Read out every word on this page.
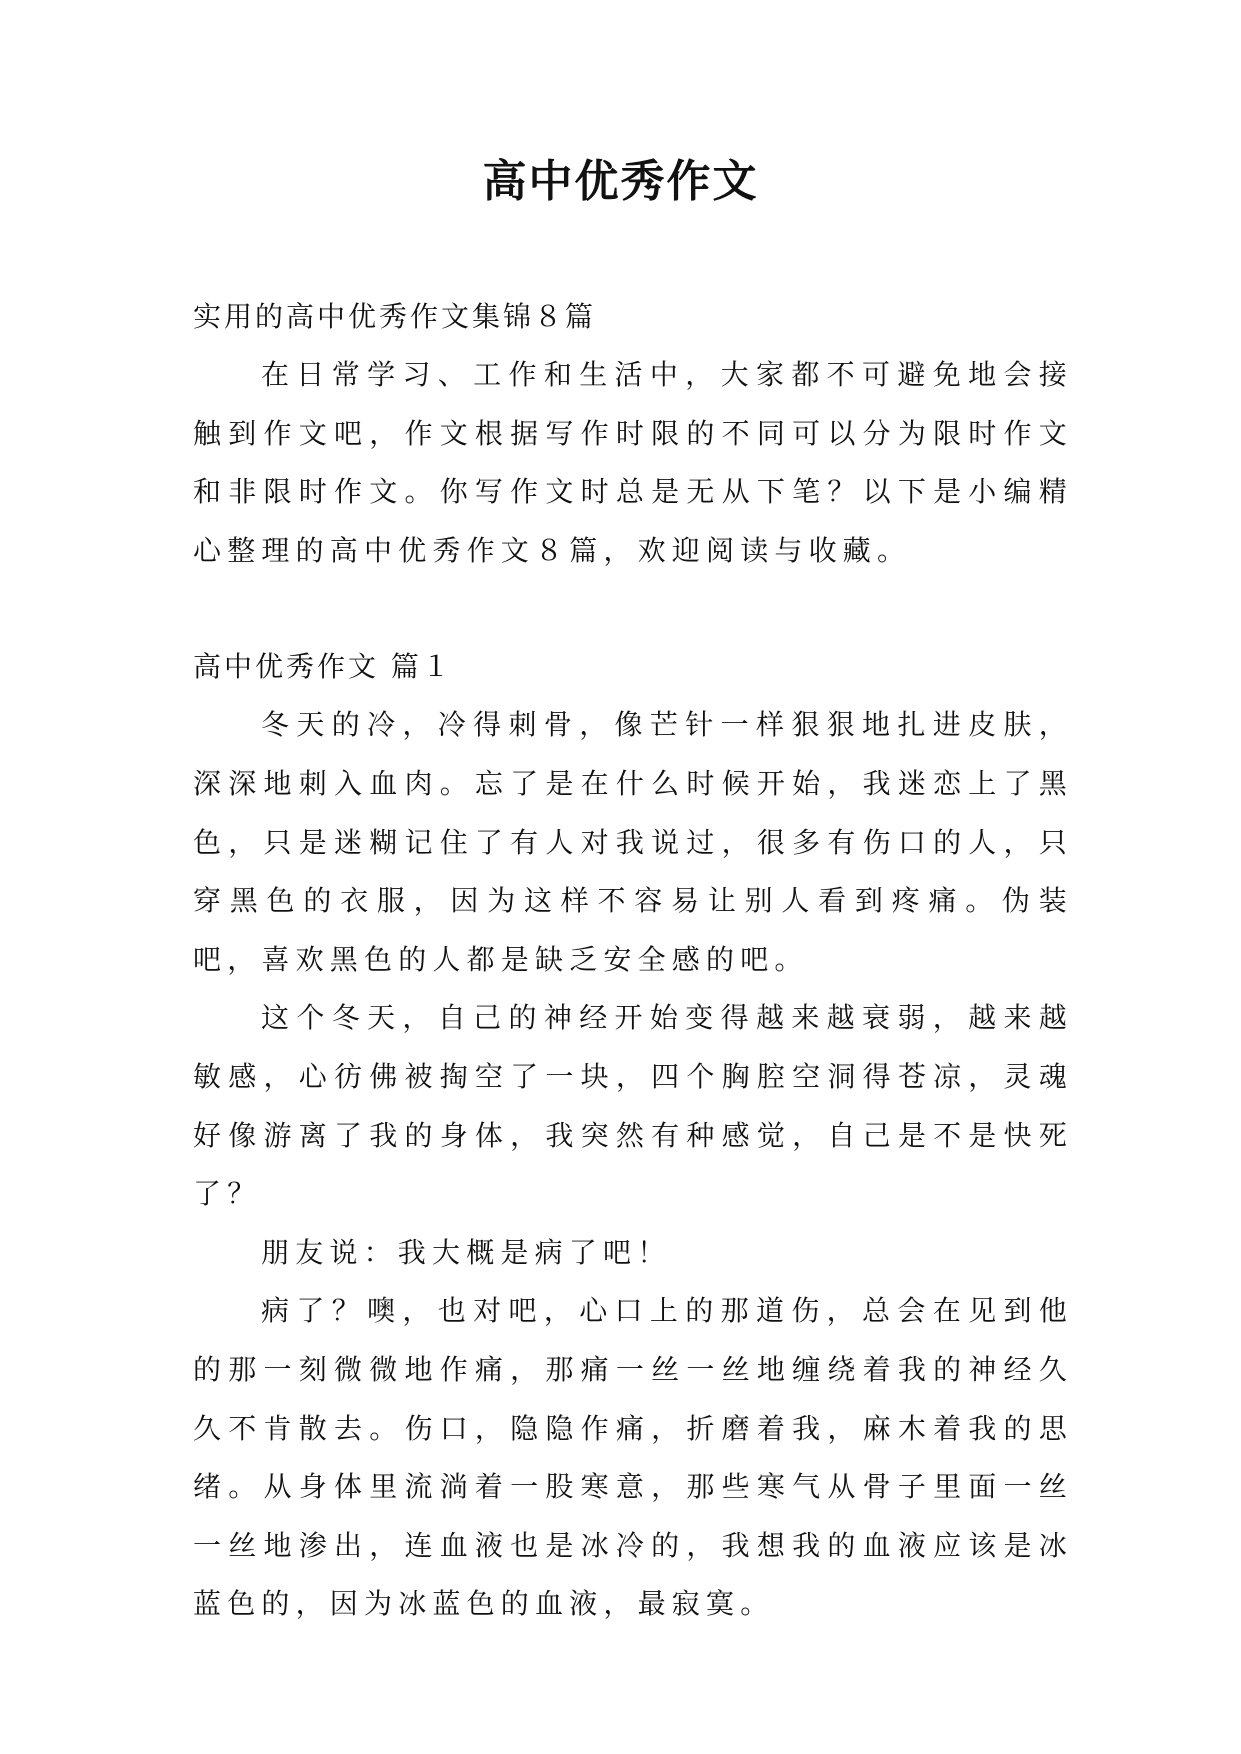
高中优秀作文

实用的高中优秀作文集锦８篇

在日常学习、工作和生活中，大家都不可避免地会接触到作文吧，作文根据写作时限的不同可以分为限时作文和非限时作文。你写作文时总是无从下笔？以下是小编精心整理的高中优秀作文８篇，欢迎阅读与收藏。

高中优秀作文 篇１

冬天的冷，冷得刺骨，像芒针一样狠狠地扎进皮肤，深深地刺入血肉。忘了是在什么时候开始，我迷恋上了黑色，只是迷糊记住了有人对我说过，很多有伤口的人，只穿黑色的衣服，因为这样不容易让别人看到疼痛。伪装吧，喜欢黑色的人都是缺乏安全感的吧。

这个冬天，自己的神经开始变得越来越衰弱，越来越敏感，心彷佛被掏空了一块，四个胸腔空洞得苍凉，灵魂好像游离了我的身体，我突然有种感觉，自己是不是快死了？

朋友说：我大概是病了吧！

病了？噢，也对吧，心口上的那道伤，总会在见到他的那一刻微微地作痛，那痛一丝一丝地缠绕着我的神经久久不肯散去。伤口，隐隐作痛，折磨着我，麻木着我的思绪。从身体里流淌着一股寒意，那些寒气从骨子里面一丝一丝地渗出，连血液也是冰冷的，我想我的血液应该是冰蓝色的，因为冰蓝色的血液，最寂寞。
